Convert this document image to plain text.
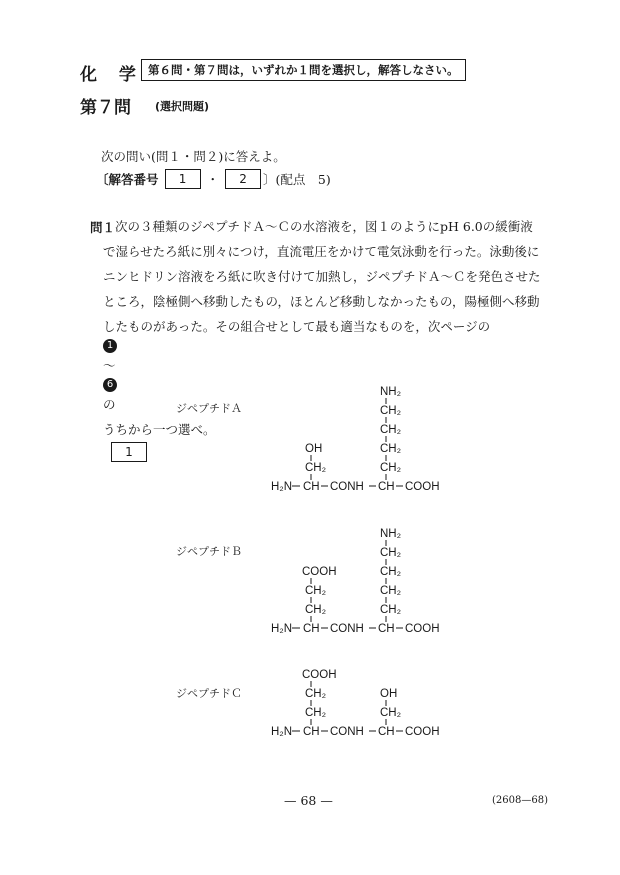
化 学 第６問・第７問は，いずれか１問を選択し，解答しなさい。
第７問 (選択問題)
次の問い(問１・問２)に答えよ。
〔解答番号	1	・	2	〕(配点　5)
問１ 次の３種類のジペプチドＡ～Ｃの水溶液を，図１のようにpH 6.0の緩衝液
で湿らせたろ紙に別々につけ，直流電圧をかけて電気泳動を行った。泳動後に
ニンヒドリン溶液をろ紙に吹き付けて加熱し，ジペプチドＡ～Ｃを発色させた
ところ，陰極側へ移動したもの，ほとんど移動しなかったもの，陽極側へ移動
したものがあった。その組合せとして最も適当なものを，次ページの
1
～
6
の
うちから一つ選べ。
1
ジペプチドＡ
NH₂
CH₂
CH₂
CH₂
CH₂
OH
CH₂
H₂N CH CONH CH COOH
ジペプチドＢ
NH₂
CH₂
CH₂
CH₂
CH₂
COOH
CH₂
CH₂
H₂N CH CONH CH COOH
ジペプチドＣ
COOH
CH₂
CH₂
OH
CH₂
H₂N CH CONH CH COOH
— 68 —	(2608—68)
